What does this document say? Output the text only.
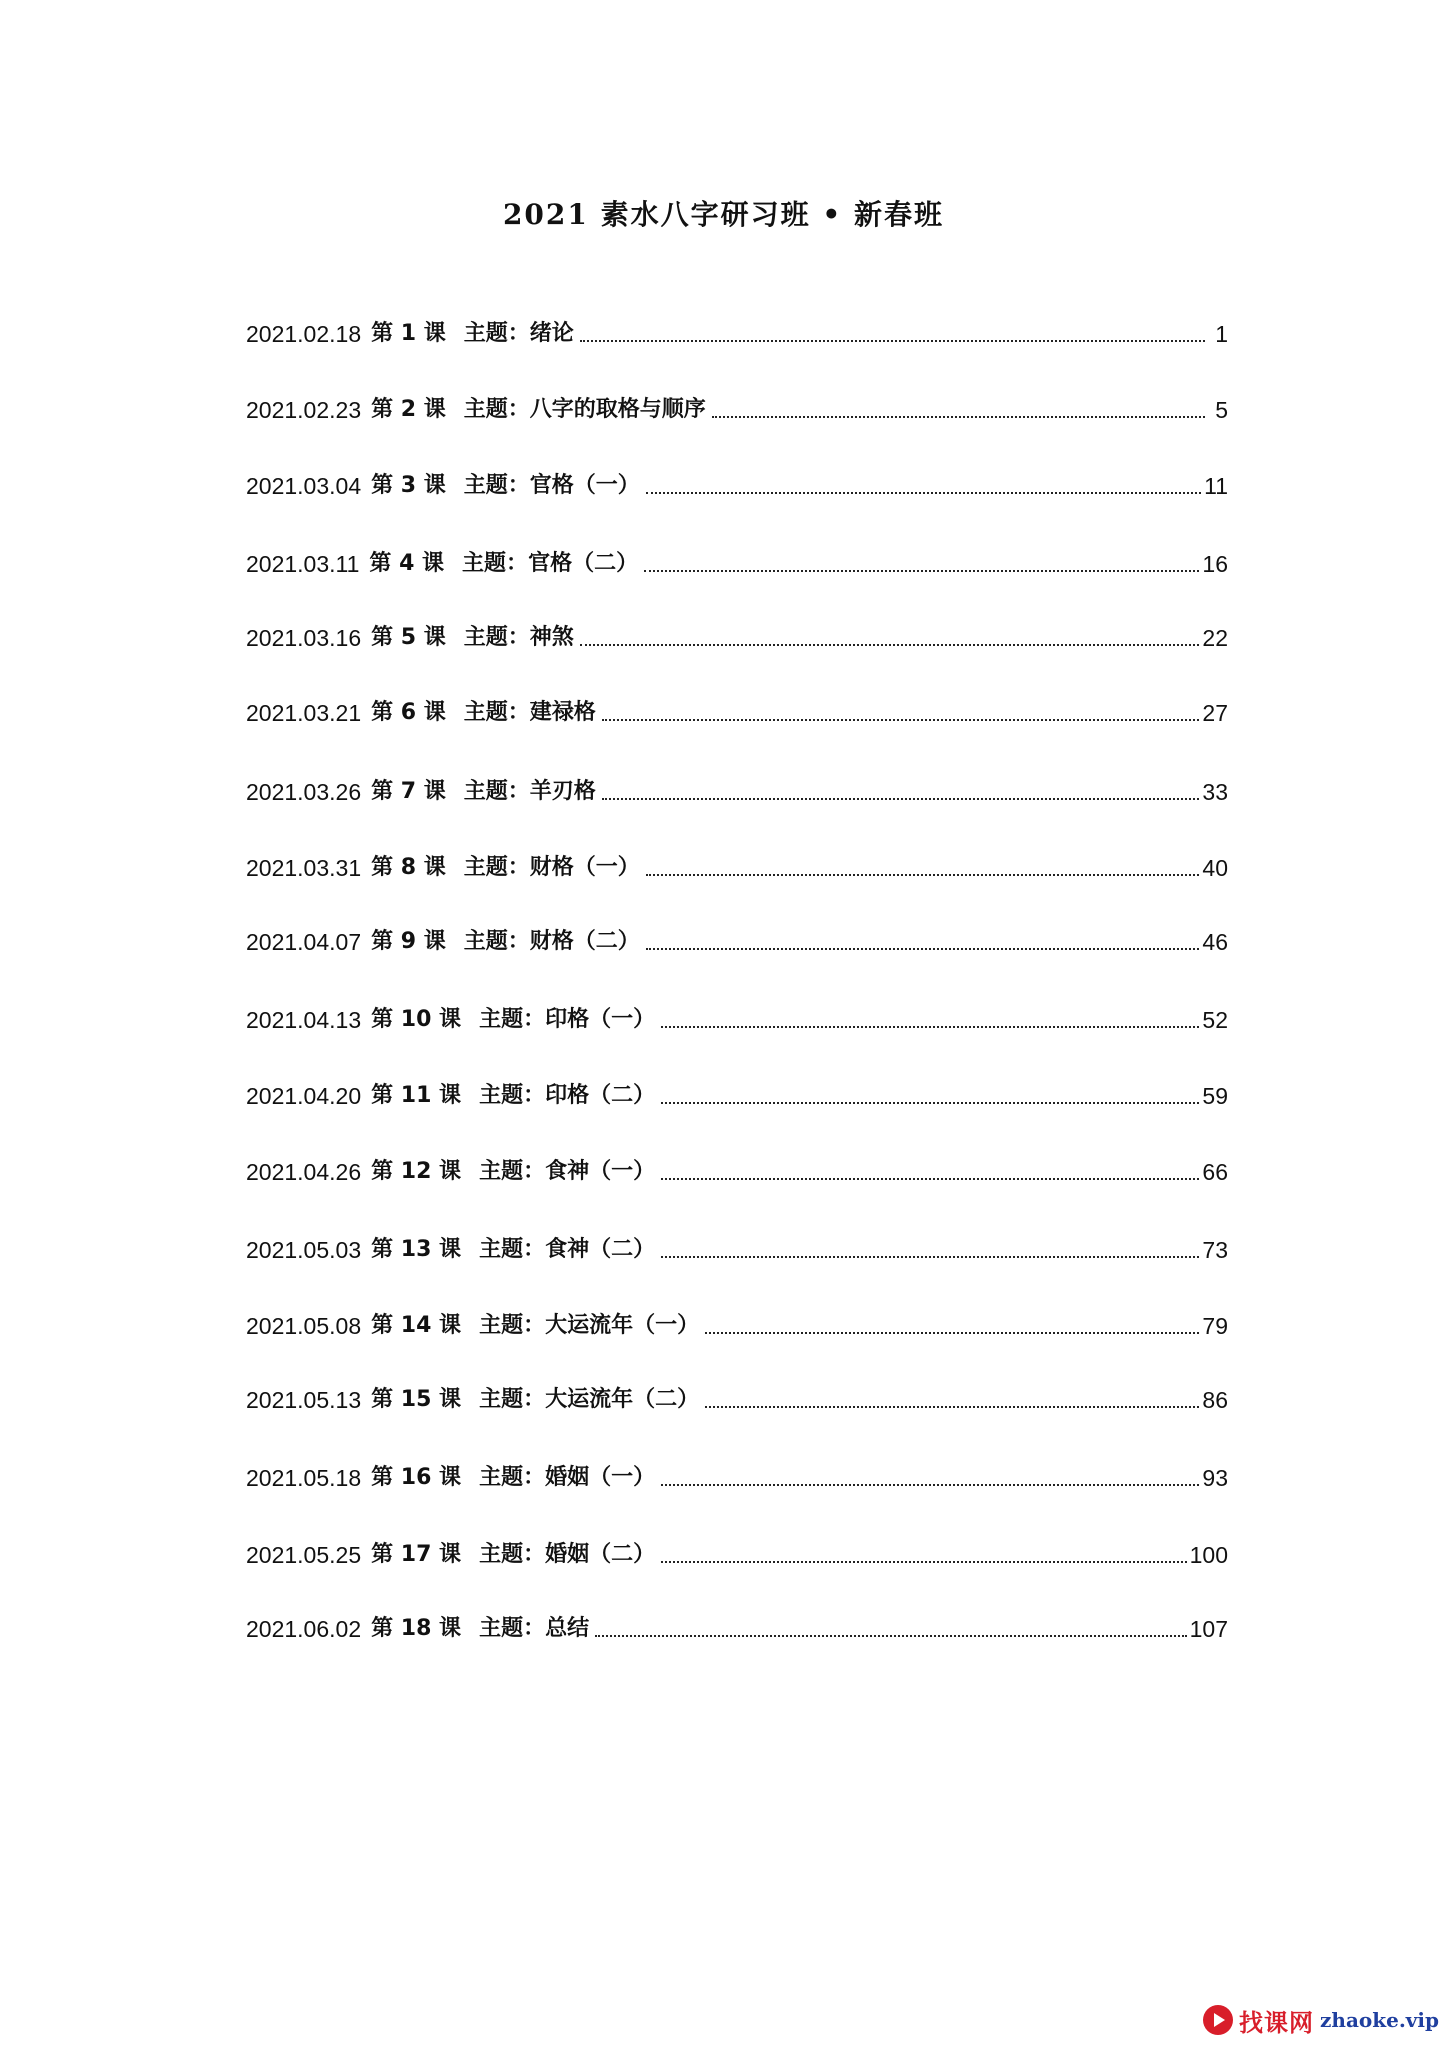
2021 素水八字研习班 • 新春班
2021.02.18 第 1 课 主题： 绪论	1
2021.02.23 第 2 课 主题： 八字的取格与顺序	5
2021.03.04 第 3 课 主题： 官格（一）	11
2021.03.11 第 4 课 主题： 官格（二）	16
2021.03.16 第 5 课 主题： 神煞	22
2021.03.21 第 6 课 主题： 建禄格	27
2021.03.26 第 7 课 主题： 羊刃格	33
2021.03.31 第 8 课 主题： 财格（一）	40
2021.04.07 第 9 课 主题： 财格（二）	46
2021.04.13 第 10 课 主题： 印格（一）	52
2021.04.20 第 11 课 主题： 印格（二）	59
2021.04.26 第 12 课 主题： 食神（一）	66
2021.05.03 第 13 课 主题： 食神（二）	73
2021.05.08 第 14 课 主题： 大运流年（一）	79
2021.05.13 第 15 课 主题： 大运流年（二）	86
2021.05.18 第 16 课 主题： 婚姻（一）	93
2021.05.25 第 17 课 主题： 婚姻（二）	100
2021.06.02 第 18 课 主题： 总结	107
找课网 zhaoke.vip
